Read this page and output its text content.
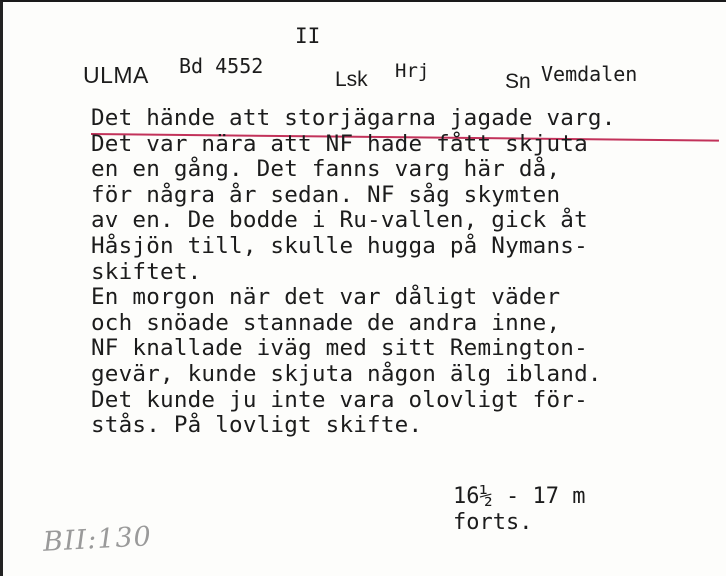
II
ULMA Bd 4552
Lsk Hrj	Sn Vemdalen
Det hände att storjägarna jagade varg.
Det var nära att NF hade fått skjuta
en en gång. Det fanns varg här då,
för några år sedan. NF såg skymten
av en. De bodde i Ru-vallen, gick åt
Håsjön till, skulle hugga på Nymans-
skiftet.
En morgon när det var dåligt väder
och snöade stannade de andra inne,
NF knallade iväg med sitt Remington-
gevär, kunde skjuta någon älg ibland.
Det kunde ju inte vara olovligt för-
stås. På lovligt skifte.
16½ - 17 m
forts.
BII:130
